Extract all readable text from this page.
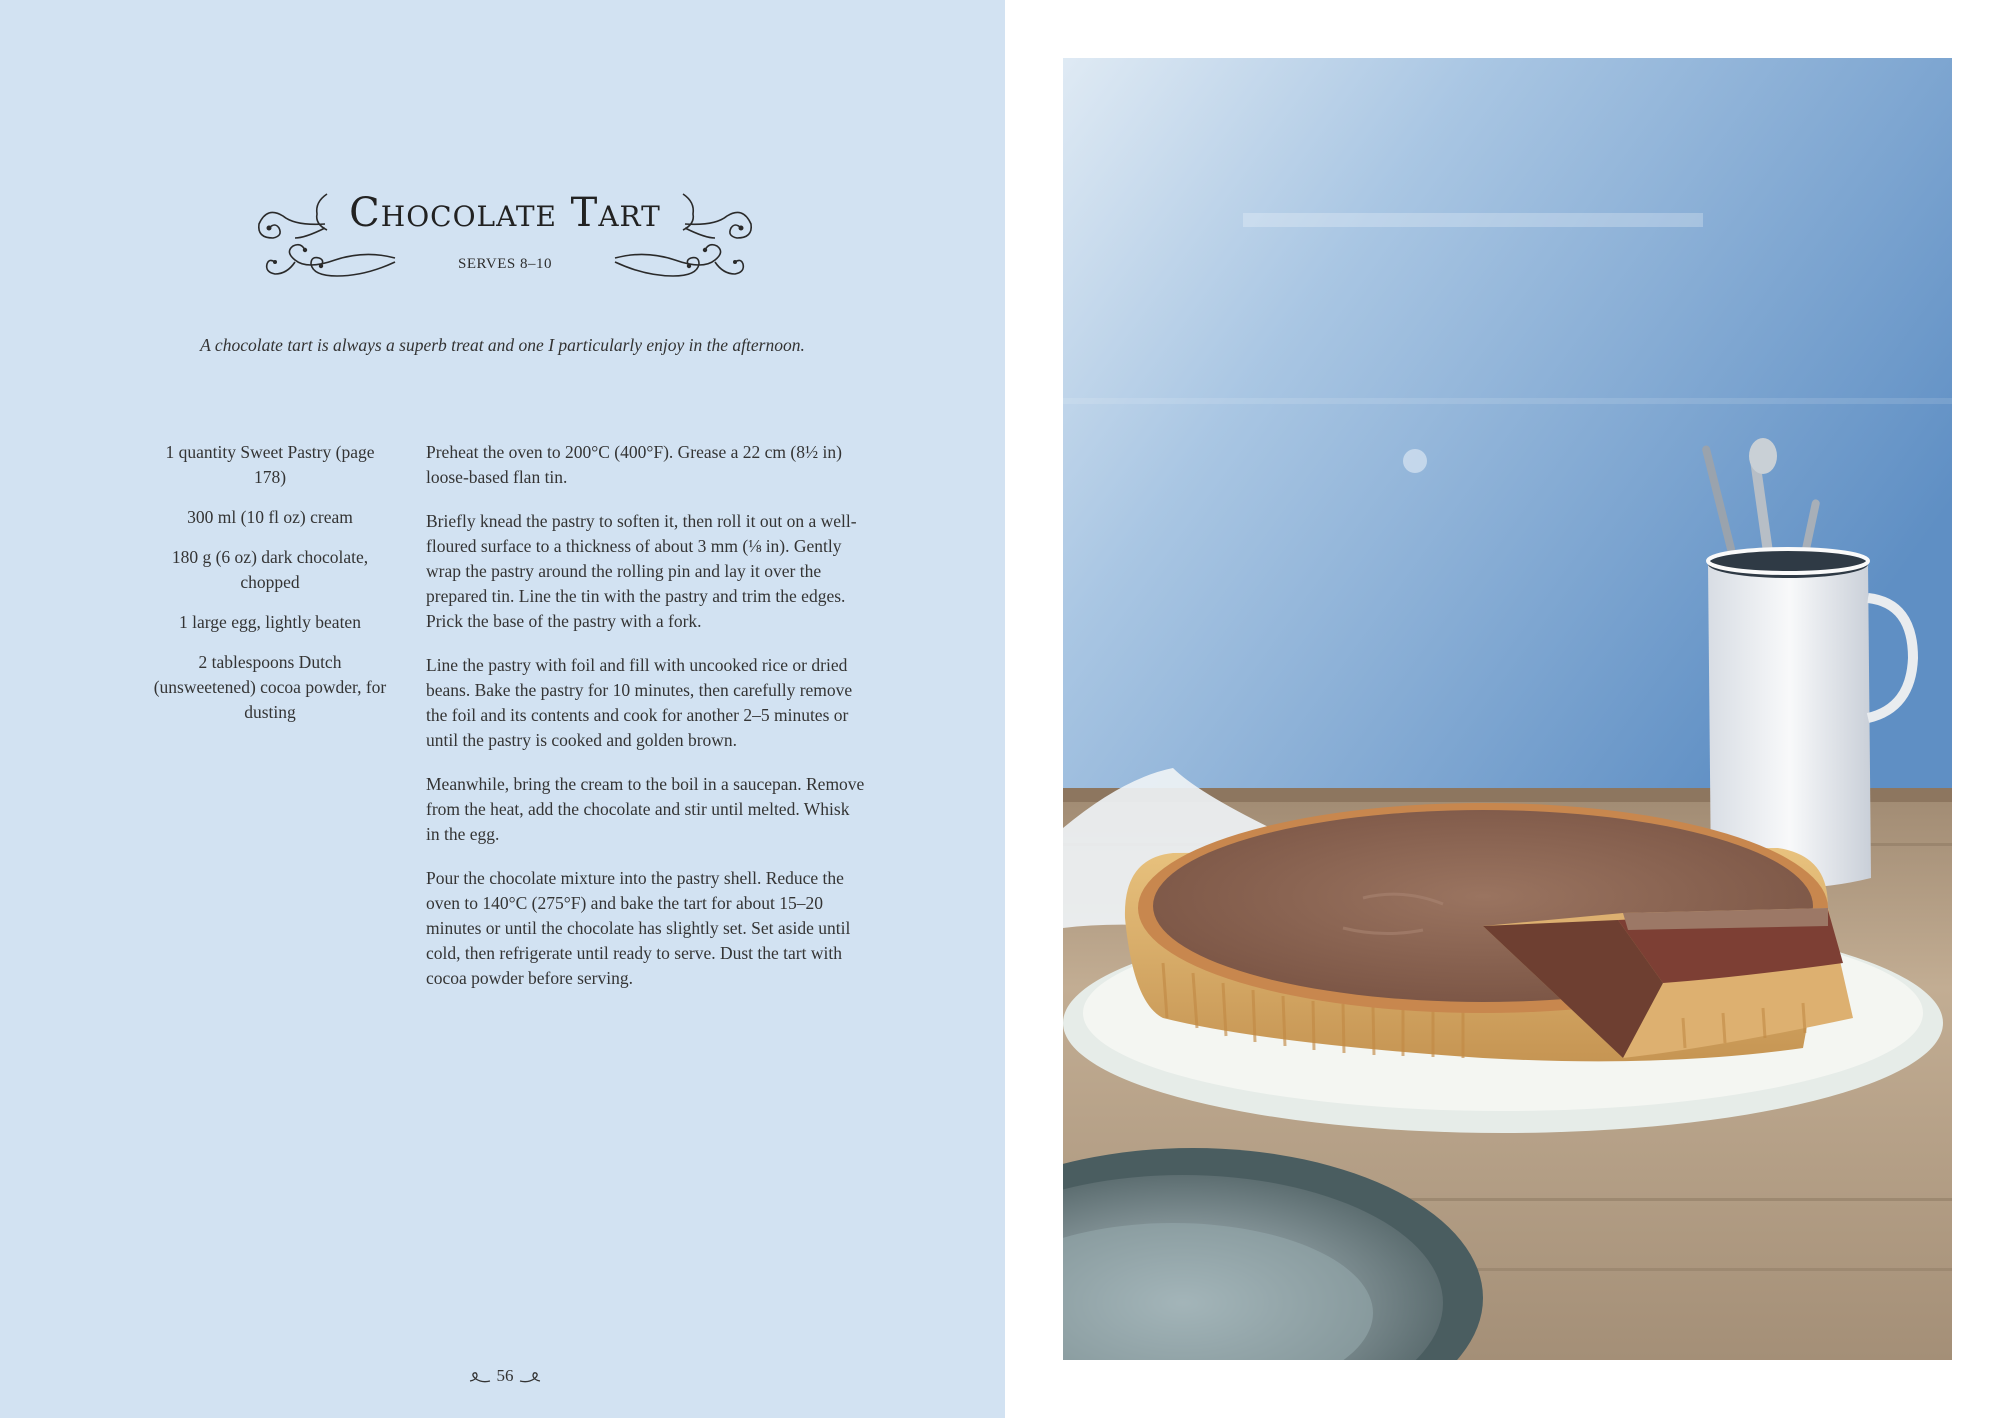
Chocolate Tart
SERVES 8–10
A chocolate tart is always a superb treat and one I particularly enjoy in the afternoon.
1 quantity Sweet Pastry (page 178)
300 ml (10 fl oz) cream
180 g (6 oz) dark chocolate, chopped
1 large egg, lightly beaten
2 tablespoons Dutch (unsweetened) cocoa powder, for dusting

Preheat the oven to 200°C (400°F). Grease a 22 cm (8½ in) loose-based flan tin.

Briefly knead the pastry to soften it, then roll it out on a well-floured surface to a thickness of about 3 mm (⅛ in). Gently wrap the pastry around the rolling pin and lay it over the prepared tin. Line the tin with the pastry and trim the edges. Prick the base of the pastry with a fork.

Line the pastry with foil and fill with uncooked rice or dried beans. Bake the pastry for 10 minutes, then carefully remove the foil and its contents and cook for another 2–5 minutes or until the pastry is cooked and golden brown.

Meanwhile, bring the cream to the boil in a saucepan. Remove from the heat, add the chocolate and stir until melted. Whisk in the egg.

Pour the chocolate mixture into the pastry shell. Reduce the oven to 140°C (275°F) and bake the tart for about 15–20 minutes or until the chocolate has slightly set. Set aside until cold, then refrigerate until ready to serve. Dust the tart with cocoa powder before serving.

56
